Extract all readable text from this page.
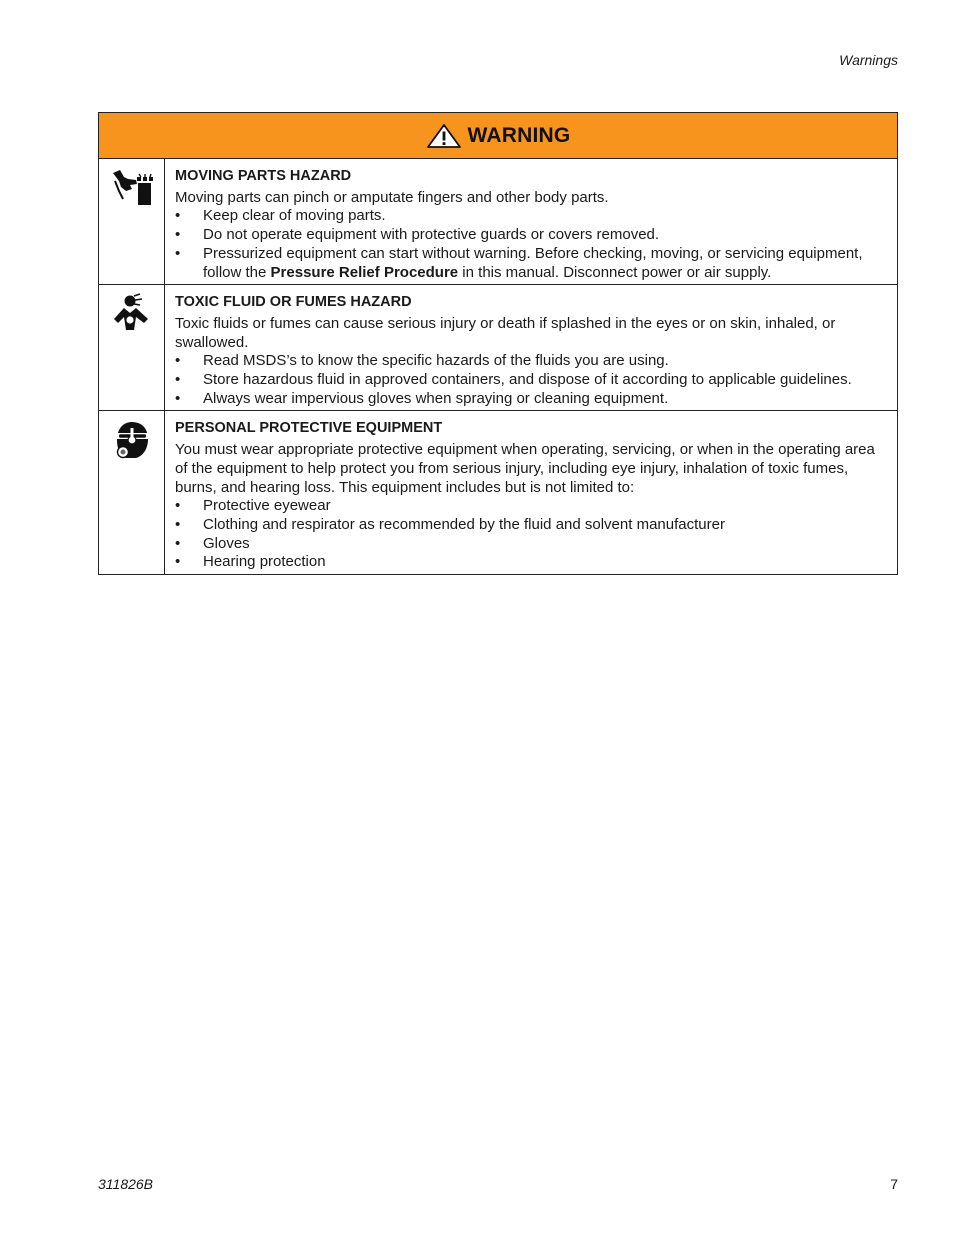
Warnings
WARNING
MOVING PARTS HAZARD

Moving parts can pinch or amputate fingers and other body parts.

• Keep clear of moving parts.
• Do not operate equipment with protective guards or covers removed.
• Pressurized equipment can start without warning. Before checking, moving, or servicing equipment, follow the Pressure Relief Procedure in this manual. Disconnect power or air supply.
TOXIC FLUID OR FUMES HAZARD

Toxic fluids or fumes can cause serious injury or death if splashed in the eyes or on skin, inhaled, or swallowed.

• Read MSDS’s to know the specific hazards of the fluids you are using.
• Store hazardous fluid in approved containers, and dispose of it according to applicable guidelines.
• Always wear impervious gloves when spraying or cleaning equipment.
PERSONAL PROTECTIVE EQUIPMENT

You must wear appropriate protective equipment when operating, servicing, or when in the operating area of the equipment to help protect you from serious injury, including eye injury, inhalation of toxic fumes, burns, and hearing loss. This equipment includes but is not limited to:

• Protective eyewear
• Clothing and respirator as recommended by the fluid and solvent manufacturer
• Gloves
• Hearing protection
311826B	7
